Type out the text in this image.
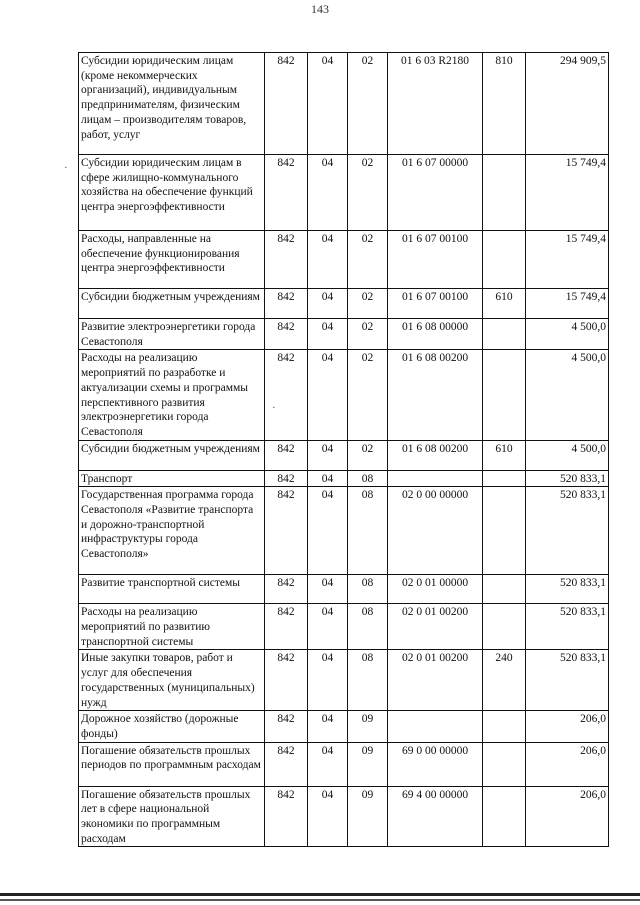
143
·
·
Субсидии юридическим лицам (кроме некоммерческих организаций), индивидуальным предпринимателям, физическим лицам – производителям товаров, работ, услуг	842	04	02	01 6 03 R2180	810	294 909,5
Субсидии юридическим лицам в сфере жилищно-коммунального хозяйства на обеспечение функций центра энергоэффективности	842	04	02	01 6 07 00000		15 749,4
Расходы, направленные на обеспечение функционирования центра энергоэффективности	842	04	02	01 6 07 00100		15 749,4
Субсидии бюджетным учреждениям	842	04	02	01 6 07 00100	610	15 749,4
Развитие электроэнергетики города Севастополя	842	04	02	01 6 08 00000		4 500,0
Расходы на реализацию мероприятий по разработке и актуализации схемы и программы перспективного развития электроэнергетики города Севастополя	842	04	02	01 6 08 00200		4 500,0
Субсидии бюджетным учреждениям	842	04	02	01 6 08 00200	610	4 500,0
Транспорт	842	04	08			520 833,1
Государственная программа города Севастополя «Развитие транспорта и дорожно-транспортной инфраструктуры города Севастополя»	842	04	08	02 0 00 00000		520 833,1
Развитие транспортной системы	842	04	08	02 0 01 00000		520 833,1
Расходы на реализацию мероприятий по развитию транспортной системы	842	04	08	02 0 01 00200		520 833,1
Иные закупки товаров, работ и услуг для обеспечения государственных (муниципальных) нужд	842	04	08	02 0 01 00200	240	520 833,1
Дорожное хозяйство (дорожные фонды)	842	04	09			206,0
Погашение обязательств прошлых периодов по программным расходам	842	04	09	69 0 00 00000		206,0
Погашение обязательств прошлых лет в сфере национальной экономики по программным расходам	842	04	09	69 4 00 00000		206,0
